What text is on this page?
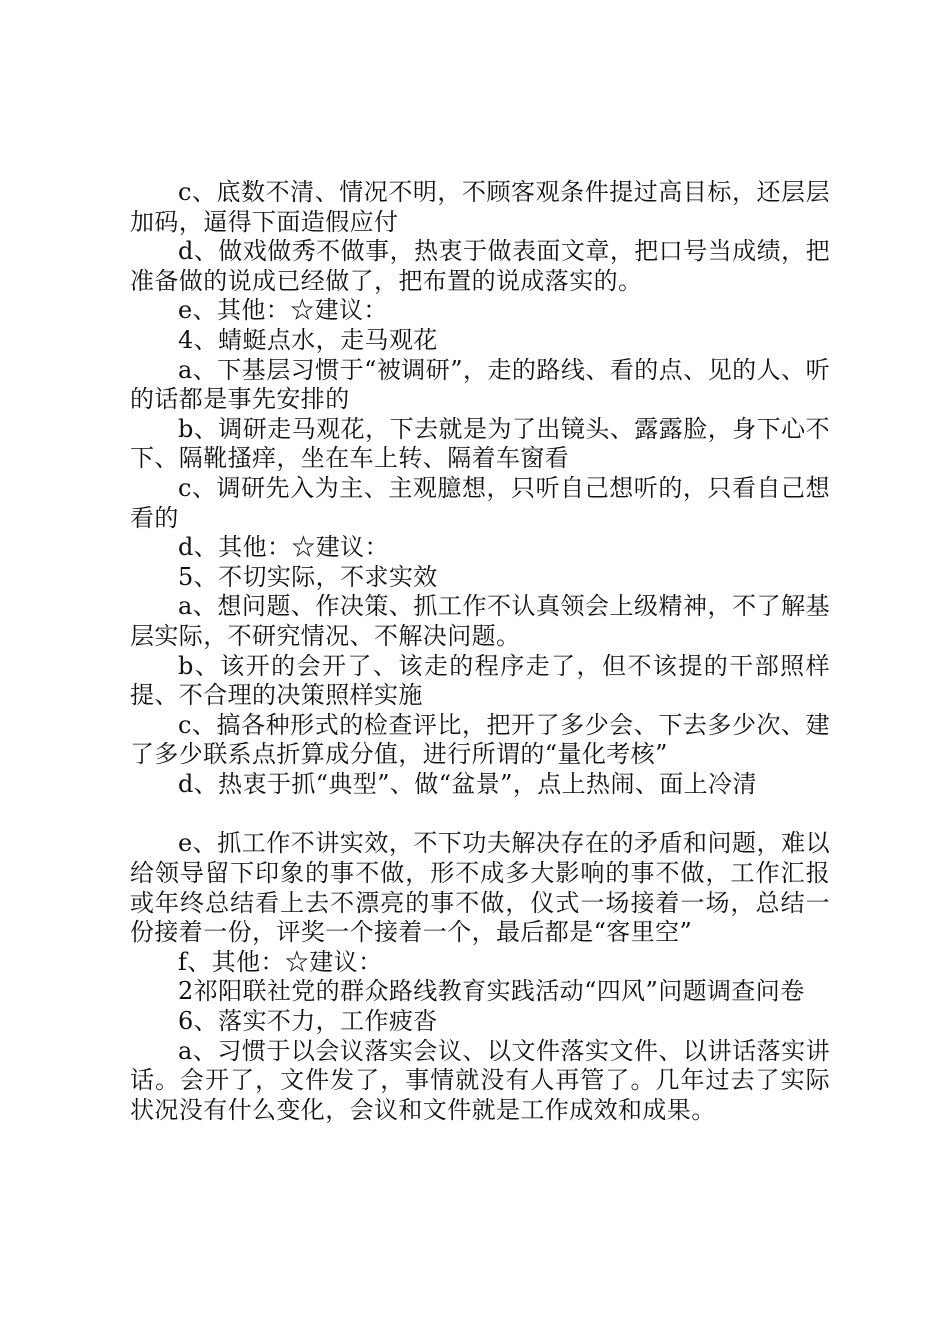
c、底数不清、情况不明，不顾客观条件提过高目标，还层层加码，逼得下面造假应付

d、做戏做秀不做事，热衷于做表面文章，把口号当成绩，把准备做的说成已经做了，把布置的说成落实的。

e、其他：☆建议：

4、蜻蜓点水，走马观花

a、下基层习惯于“被调研”，走的路线、看的点、见的人、听的话都是事先安排的

b、调研走马观花，下去就是为了出镜头、露露脸，身下心不下、隔靴搔痒，坐在车上转、隔着车窗看

c、调研先入为主、主观臆想，只听自己想听的，只看自己想看的

d、其他：☆建议：

5、不切实际，不求实效

a、想问题、作决策、抓工作不认真领会上级精神，不了解基层实际，不研究情况、不解决问题。

b、该开的会开了、该走的程序走了，但不该提的干部照样提、不合理的决策照样实施

c、搞各种形式的检查评比，把开了多少会、下去多少次、建了多少联系点折算成分值，进行所谓的“量化考核”

d、热衷于抓“典型”、做“盆景”，点上热闹、面上冷清

e、抓工作不讲实效，不下功夫解决存在的矛盾和问题，难以给领导留下印象的事不做，形不成多大影响的事不做，工作汇报或年终总结看上去不漂亮的事不做，仪式一场接着一场，总结一份接着一份，评奖一个接着一个，最后都是“客里空”

f、其他：☆建议：

2祁阳联社党的群众路线教育实践活动“四风”问题调查问卷

6、落实不力，工作疲沓

a、习惯于以会议落实会议、以文件落实文件、以讲话落实讲话。会开了，文件发了，事情就没有人再管了。几年过去了实际状况没有什么变化，会议和文件就是工作成效和成果。
